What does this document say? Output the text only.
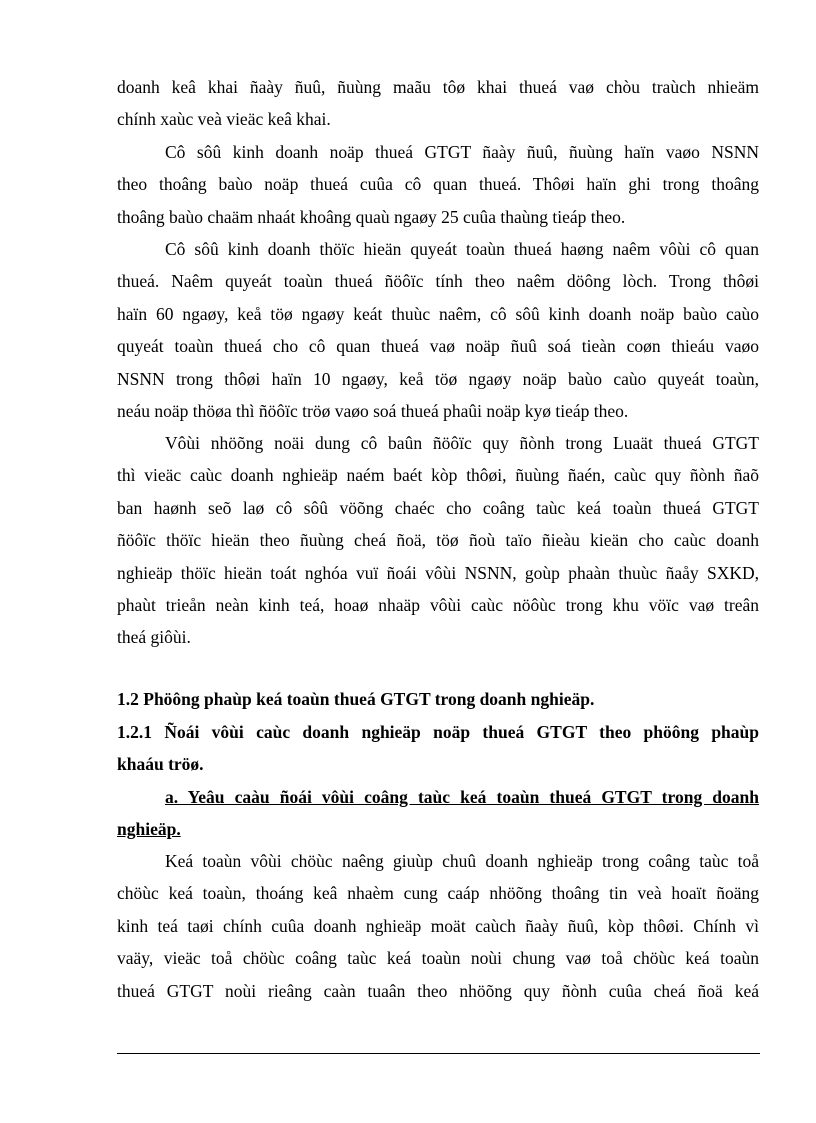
doanh keâ khai ñaày ñuû, ñuùng maãu tôø khai thueá vaø chòu traùch nhieäm
chính xaùc veà vieäc keâ khai.
Cô sôû kinh doanh noäp thueá GTGT ñaày ñuû, ñuùng haïn vaøo NSNN
theo thoâng baùo noäp thueá cuûa cô quan thueá. Thôøi haïn ghi trong thoâng
thoâng baùo chaäm nhaát khoâng quaù ngaøy 25 cuûa thaùng tieáp theo.
Cô sôû kinh doanh thöïc hieän quyeát toaùn thueá haøng naêm vôùi cô quan
thueá. Naêm quyeát toaùn thueá ñöôïc tính theo naêm döông lòch. Trong thôøi
haïn 60 ngaøy, keå töø ngaøy keát thuùc naêm, cô sôû kinh doanh noäp baùo caùo
quyeát toaùn thueá cho cô quan thueá vaø noäp ñuû soá tieàn coøn thieáu vaøo
NSNN trong thôøi haïn 10 ngaøy, keå töø ngaøy noäp baùo caùo quyeát toaùn,
neáu noäp thöøa thì ñöôïc tröø vaøo soá thueá phaûi noäp kyø tieáp theo.
Vôùi nhöõng noäi dung cô baûn ñöôïc quy ñònh trong Luaät thueá GTGT
thì vieäc caùc doanh nghieäp naém baét kòp thôøi, ñuùng ñaén, caùc quy ñònh ñaõ
ban haønh seõ laø cô sôû vöõng chaéc cho coâng taùc keá toaùn thueá GTGT
ñöôïc thöïc hieän theo ñuùng cheá ñoä, töø ñoù taïo ñieàu kieän cho caùc doanh
nghieäp thöïc hieän toát nghóa vuï ñoái vôùi NSNN, goùp phaàn thuùc ñaåy SXKD,
phaùt trieån neàn kinh teá, hoaø nhaäp vôùi caùc nöôùc trong khu vöïc vaø treân
theá giôùi.
1.2 Phöông phaùp keá toaùn thueá GTGT trong doanh nghieäp.
1.2.1 Ñoái vôùi caùc doanh nghieäp noäp thueá GTGT theo phöông phaùp
khaáu tröø.
a. Yeâu caàu ñoái vôùi coâng taùc keá toaùn thueá GTGT trong doanh
nghieäp.
Keá toaùn vôùi chöùc naêng giuùp chuû doanh nghieäp trong coâng taùc toå
chöùc keá toaùn, thoáng keâ nhaèm cung caáp nhöõng thoâng tin veà hoaït ñoäng
kinh teá taøi chính cuûa doanh nghieäp moät caùch ñaày ñuû, kòp thôøi. Chính vì
vaäy, vieäc toå chöùc coâng taùc keá toaùn noùi chung vaø toå chöùc keá toaùn
thueá GTGT noùi rieâng caàn tuaân theo nhöõng quy ñònh cuûa cheá ñoä keá
